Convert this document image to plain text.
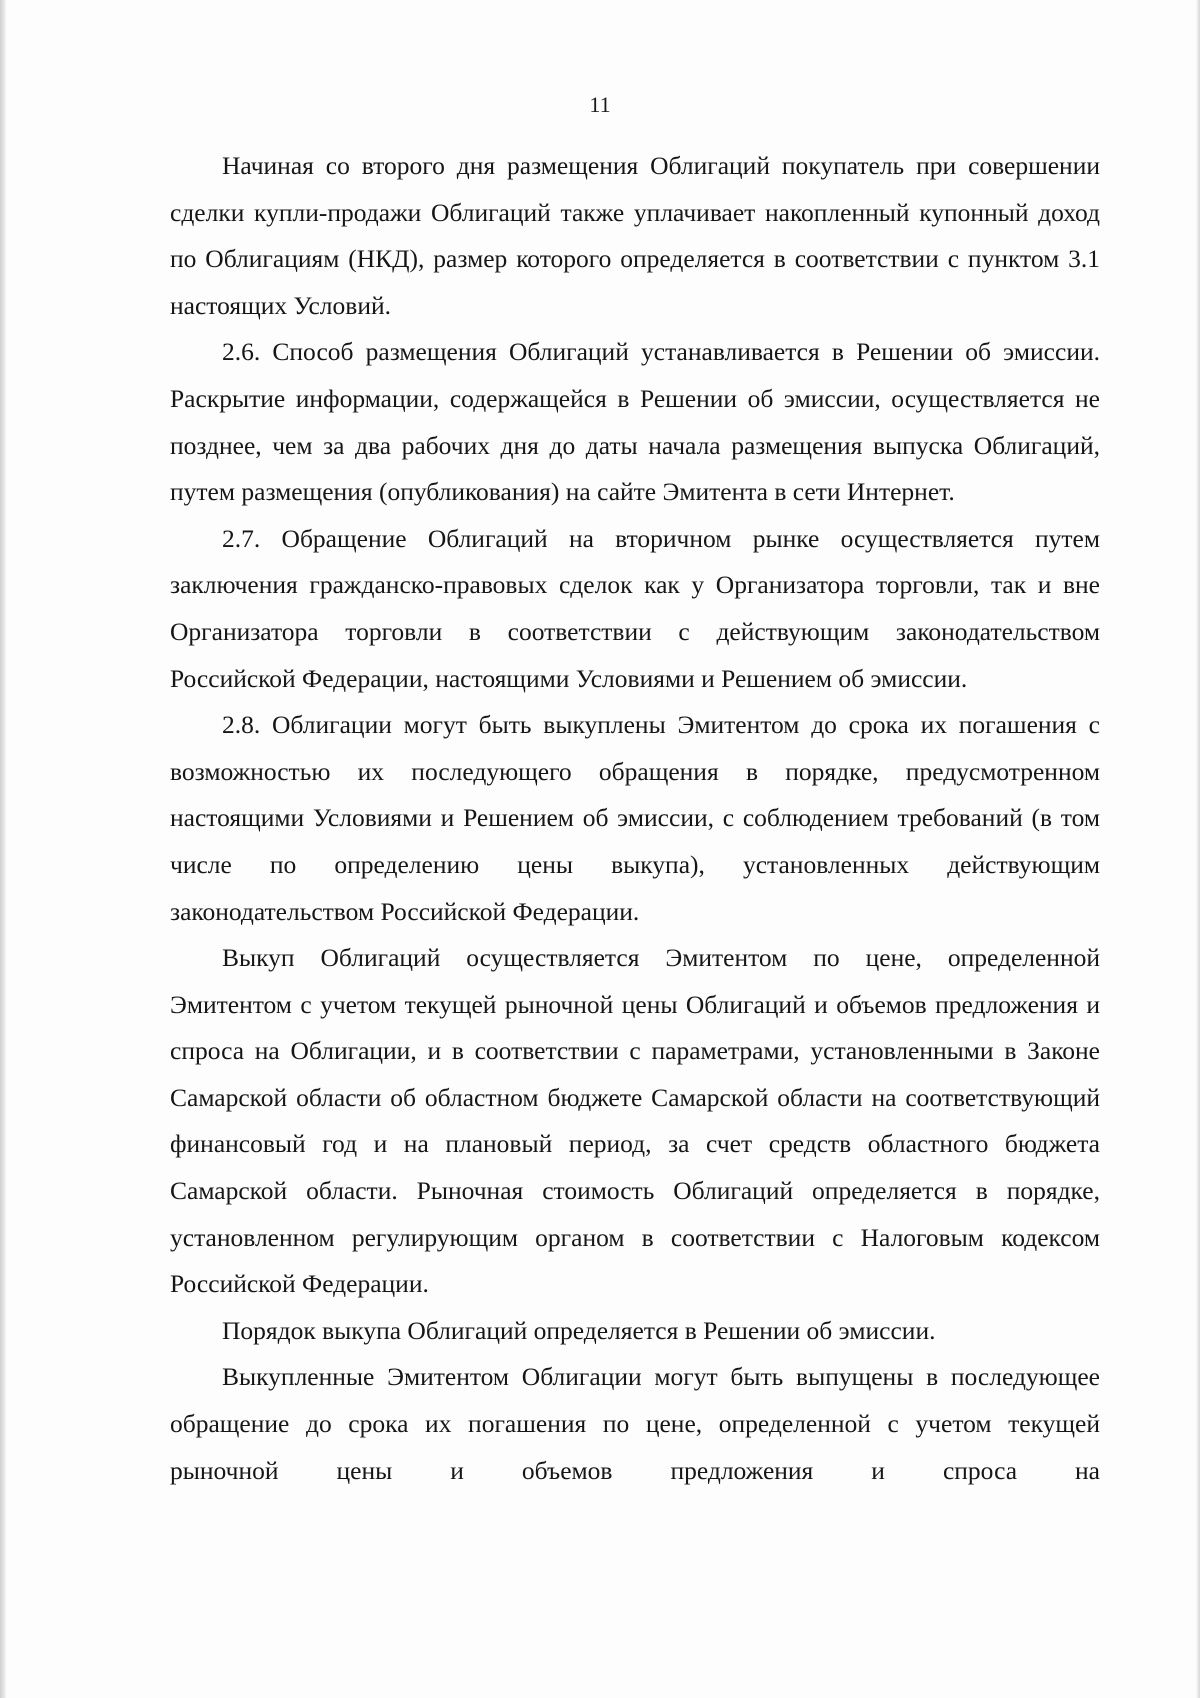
11

Начиная со второго дня размещения Облигаций покупатель при совершении сделки купли-продажи Облигаций также уплачивает накопленный купонный доход по Облигациям (НКД), размер которого определяется в соответствии с пунктом 3.1 настоящих Условий.

2.6. Способ размещения Облигаций устанавливается в Решении об эмиссии. Раскрытие информации, содержащейся в Решении об эмиссии, осуществляется не позднее, чем за два рабочих дня до даты начала размещения выпуска Облигаций, путем размещения (опубликования) на сайте Эмитента в сети Интернет.

2.7. Обращение Облигаций на вторичном рынке осуществляется путем заключения гражданско-правовых сделок как у Организатора торговли, так и вне Организатора торговли в соответствии с действующим законодательством Российской Федерации, настоящими Условиями и Решением об эмиссии.

2.8. Облигации могут быть выкуплены Эмитентом до срока их погашения с возможностью их последующего обращения в порядке, предусмотренном настоящими Условиями и Решением об эмиссии, с соблюдением требований (в том числе по определению цены выкупа), установленных действующим законодательством Российской Федерации.

Выкуп Облигаций осуществляется Эмитентом по цене, определенной Эмитентом с учетом текущей рыночной цены Облигаций и объемов предложения и спроса на Облигации, и в соответствии с параметрами, установленными в Законе Самарской области об областном бюджете Самарской области на соответствующий финансовый год и на плановый период, за счет средств областного бюджета Самарской области. Рыночная стоимость Облигаций определяется в порядке, установленном регулирующим органом в соответствии с Налоговым кодексом Российской Федерации.

Порядок выкупа Облигаций определяется в Решении об эмиссии.

Выкупленные Эмитентом Облигации могут быть выпущены в последующее обращение до срока их погашения по цене, определенной с учетом текущей рыночной цены и объемов предложения и спроса на
